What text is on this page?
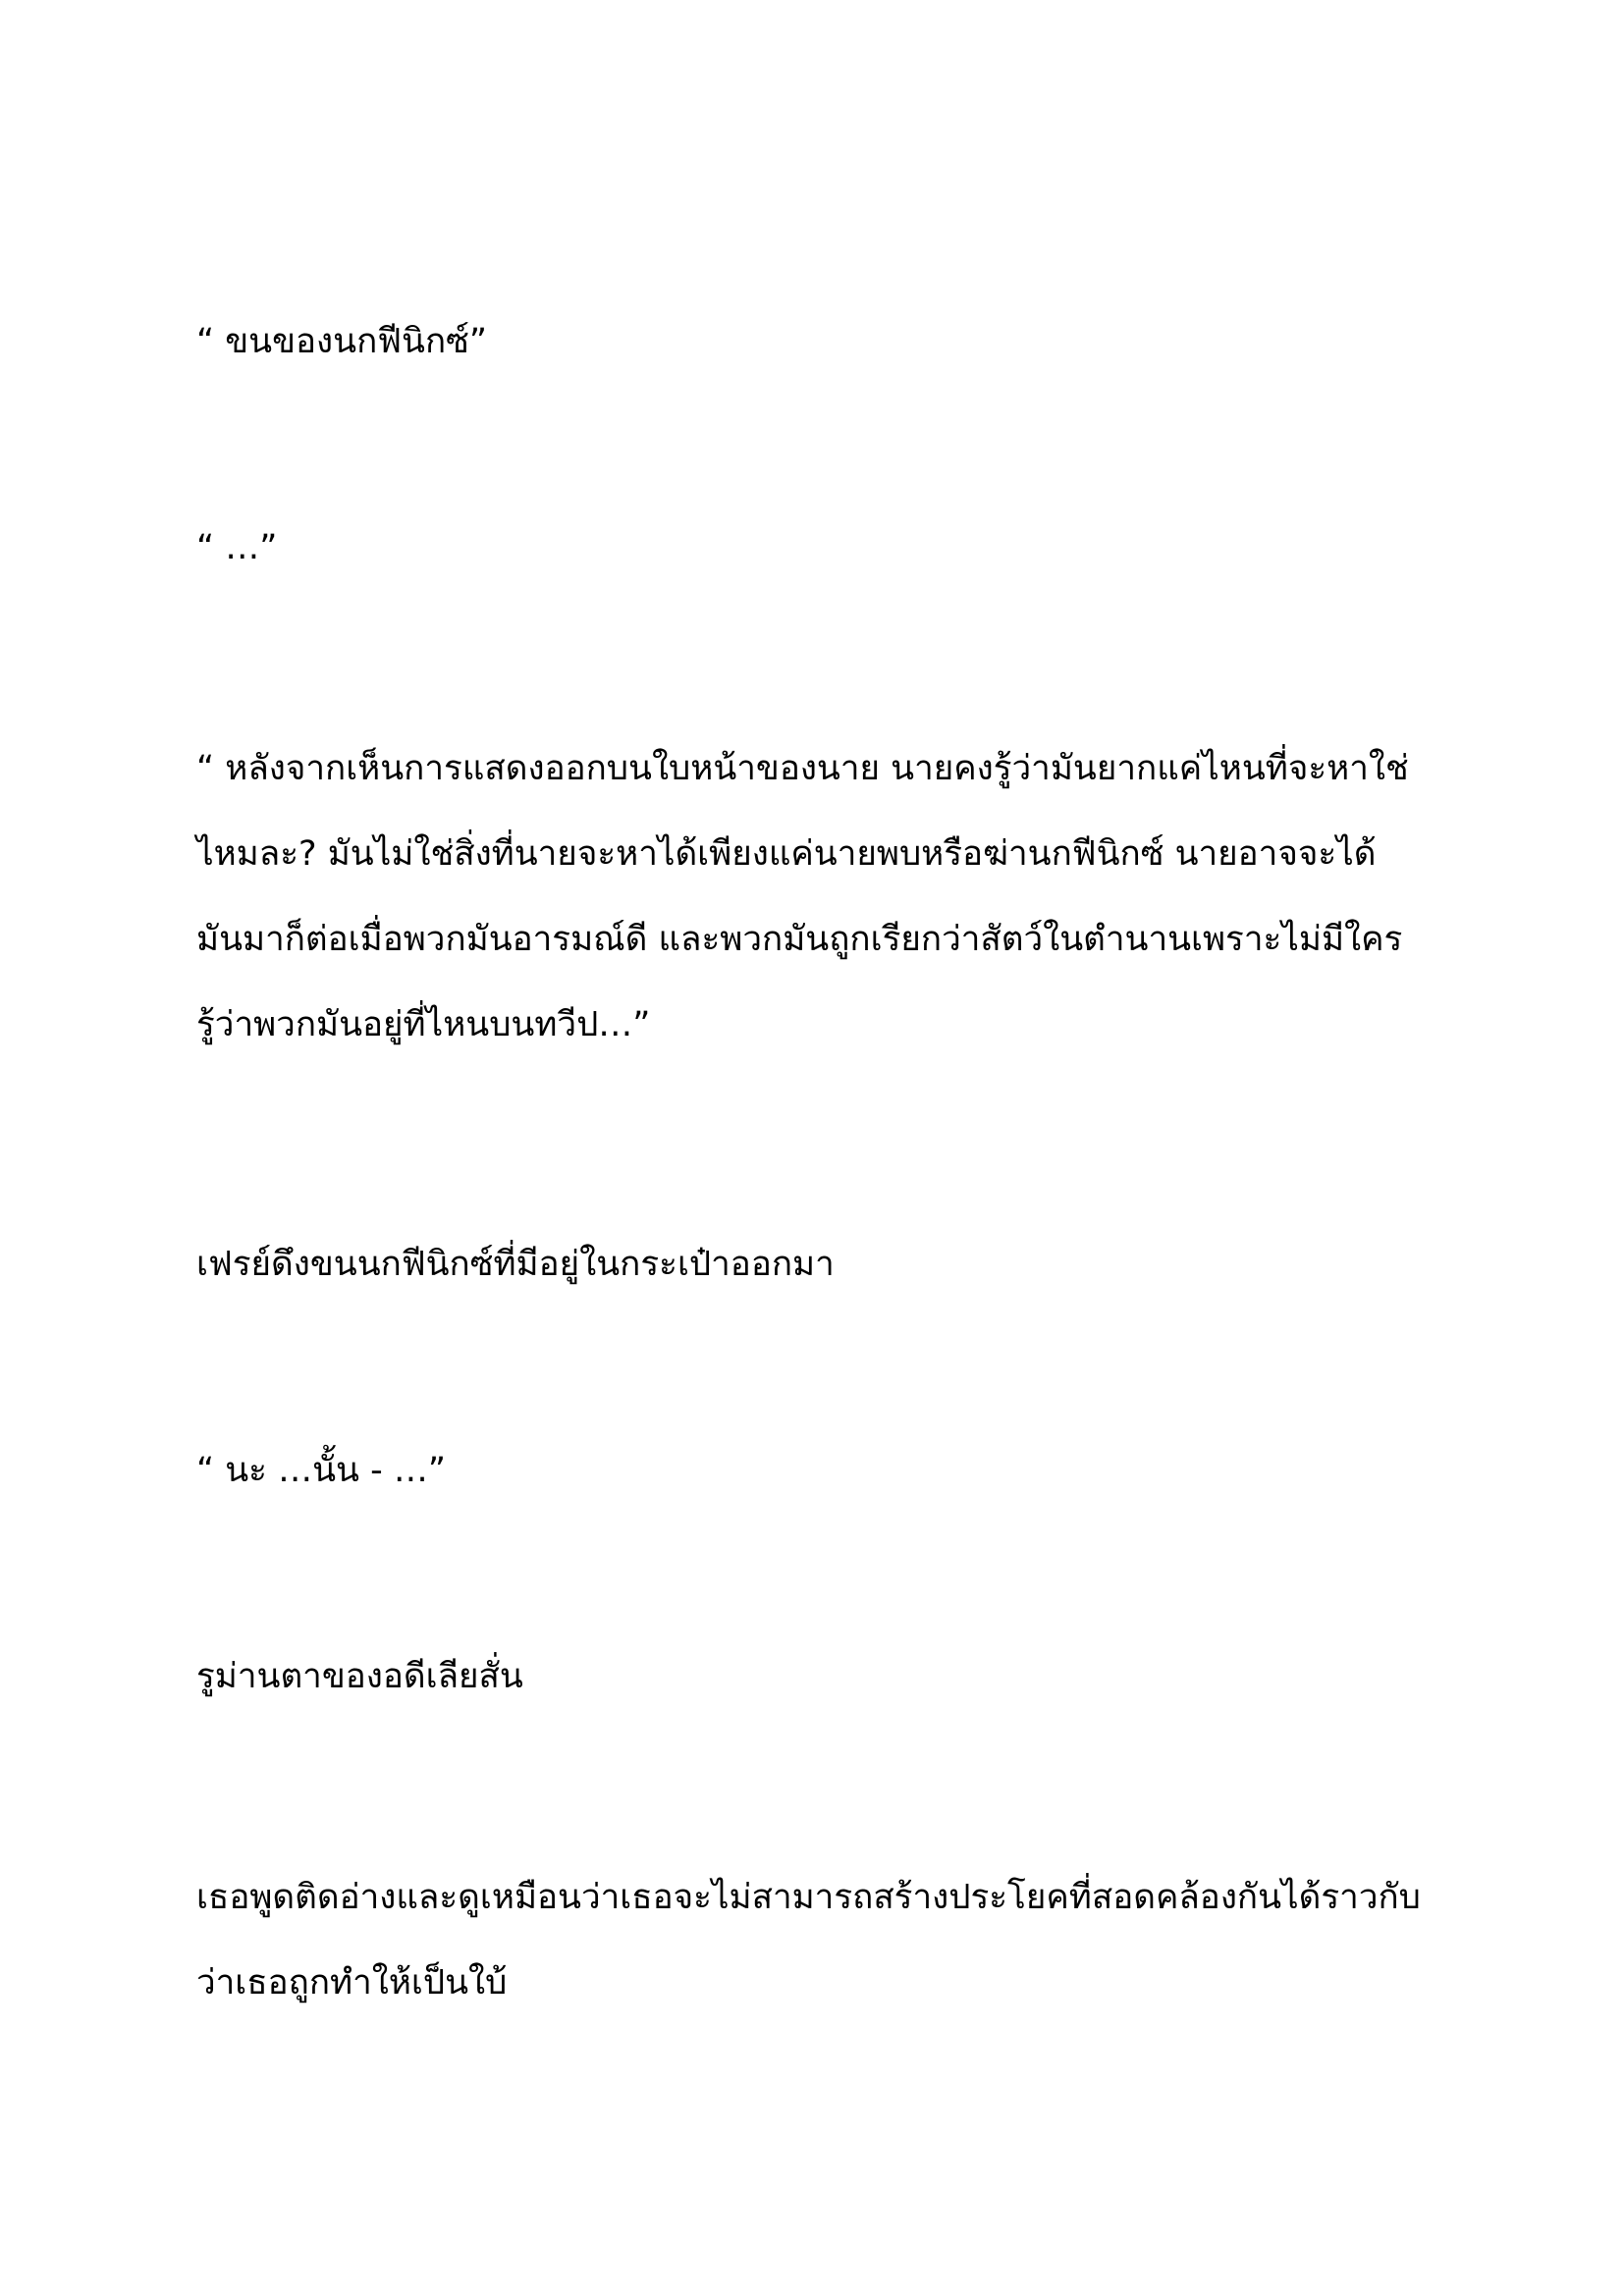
“ ขนของนกฟีนิกซ์”

“ …”

“ หลังจากเห็นการแสดงออกบนใบหน้าของนาย นายคงรู้ว่ามันยากแค่ไหนที่จะหาใช่
ไหมละ? มันไม่ใช่สิ่งที่นายจะหาได้เพียงแค่นายพบหรือฆ่านกฟีนิกซ์ นายอาจจะได้
มันมาก็ต่อเมื่อพวกมันอารมณ์ดี และพวกมันถูกเรียกว่าสัตว์ในตำนานเพราะไม่มีใคร
รู้ว่าพวกมันอยู่ที่ไหนบนทวีป…”

เฟรย์ดึงขนนกฟีนิกซ์ที่มีอยู่ในกระเป๋าออกมา

“ นะ …นั้น - …”

รูม่านตาของอดีเลียสั่น

เธอพูดติดอ่างและดูเหมือนว่าเธอจะไม่สามารถสร้างประโยคที่สอดคล้องกันได้ราวกับ
ว่าเธอถูกทำให้เป็นใบ้
